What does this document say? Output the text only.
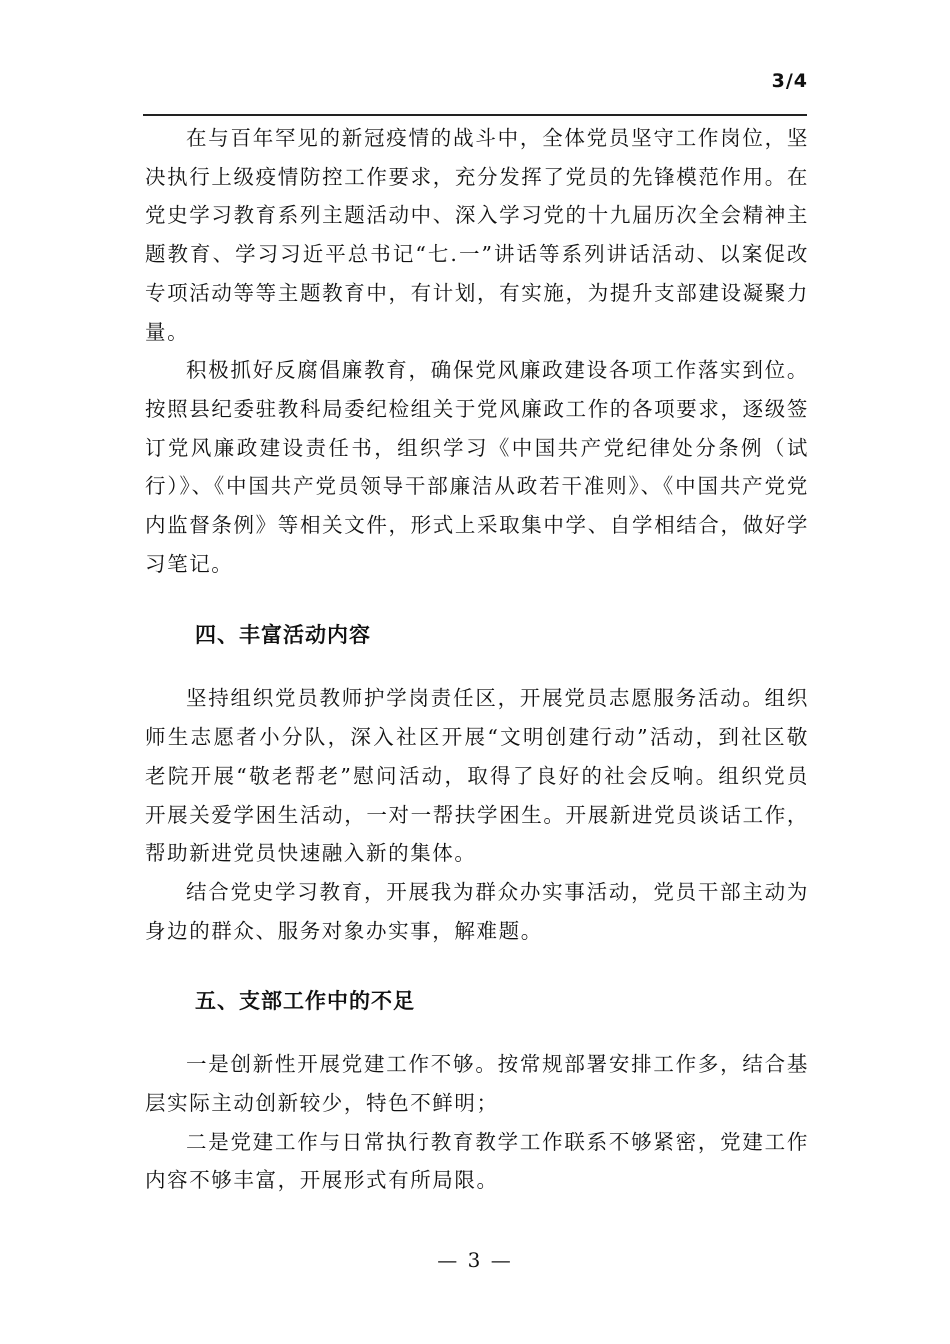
3/4

在与百年罕见的新冠疫情的战斗中，全体党员坚守工作岗位，坚决执行上级疫情防控工作要求，充分发挥了党员的先锋模范作用。在党史学习教育系列主题活动中、深入学习党的十九届历次全会精神主题教育、学习习近平总书记“七.一”讲话等系列讲话活动、以案促改专项活动等等主题教育中，有计划，有实施，为提升支部建设凝聚力量。

积极抓好反腐倡廉教育，确保党风廉政建设各项工作落实到位。按照县纪委驻教科局委纪检组关于党风廉政工作的各项要求，逐级签订党风廉政建设责任书，组织学习《中国共产党纪律处分条例（试行）》、《中国共产党员领导干部廉洁从政若干准则》、《中国共产党党内监督条例》等相关文件，形式上采取集中学、自学相结合，做好学习笔记。

四、丰富活动内容

坚持组织党员教师护学岗责任区，开展党员志愿服务活动。组织师生志愿者小分队，深入社区开展“文明创建行动”活动，到社区敬老院开展“敬老帮老”慰问活动，取得了良好的社会反响。组织党员开展关爱学困生活动，一对一帮扶学困生。开展新进党员谈话工作，帮助新进党员快速融入新的集体。

结合党史学习教育，开展我为群众办实事活动，党员干部主动为身边的群众、服务对象办实事，解难题。

五、支部工作中的不足

一是创新性开展党建工作不够。按常规部署安排工作多，结合基层实际主动创新较少，特色不鲜明；

二是党建工作与日常执行教育教学工作联系不够紧密，党建工作内容不够丰富，开展形式有所局限。

— 3 —
